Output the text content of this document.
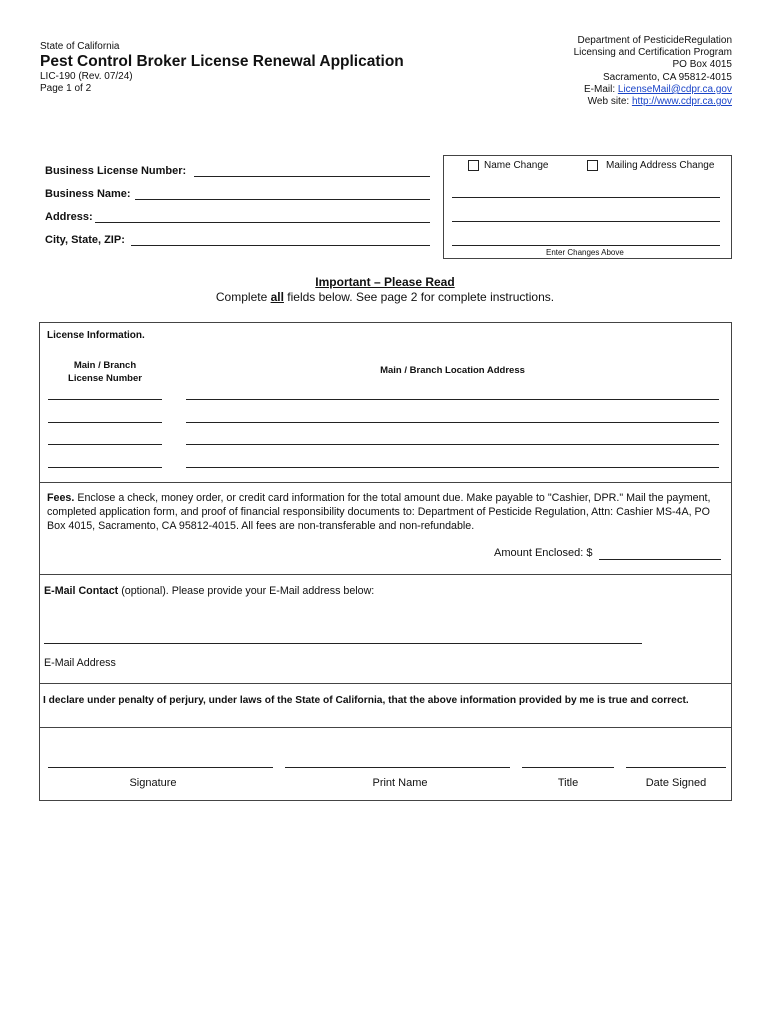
State of California
Pest Control Broker License Renewal Application
LIC-190 (Rev. 07/24)
Page 1 of 2
Department of PesticideRegulation
Licensing and Certification Program
PO Box 4015
Sacramento, CA 95812-4015
E-Mail: LicenseMail@cdpr.ca.gov
Web site: http://www.cdpr.ca.gov
Business License Number:
Business Name:
Address:
City, State, ZIP:
Name Change	Mailing Address Change
Enter Changes Above
Important – Please Read
Complete all fields below. See page 2 for complete instructions.
License Information.
Main / Branch
License Number
Main / Branch Location Address
Fees. Enclose a check, money order, or credit card information for the total amount due. Make payable to "Cashier, DPR." Mail the payment, completed application form, and proof of financial responsibility documents to: Department of Pesticide Regulation, Attn: Cashier MS-4A, PO Box 4015, Sacramento, CA 95812-4015. All fees are non-transferable and non-refundable.
Amount Enclosed: $
E-Mail Contact (optional). Please provide your E-Mail address below:
E-Mail Address
I declare under penalty of perjury, under laws of the State of California, that the above information provided by me is true and correct.
Signature	Print Name	Title	Date Signed
